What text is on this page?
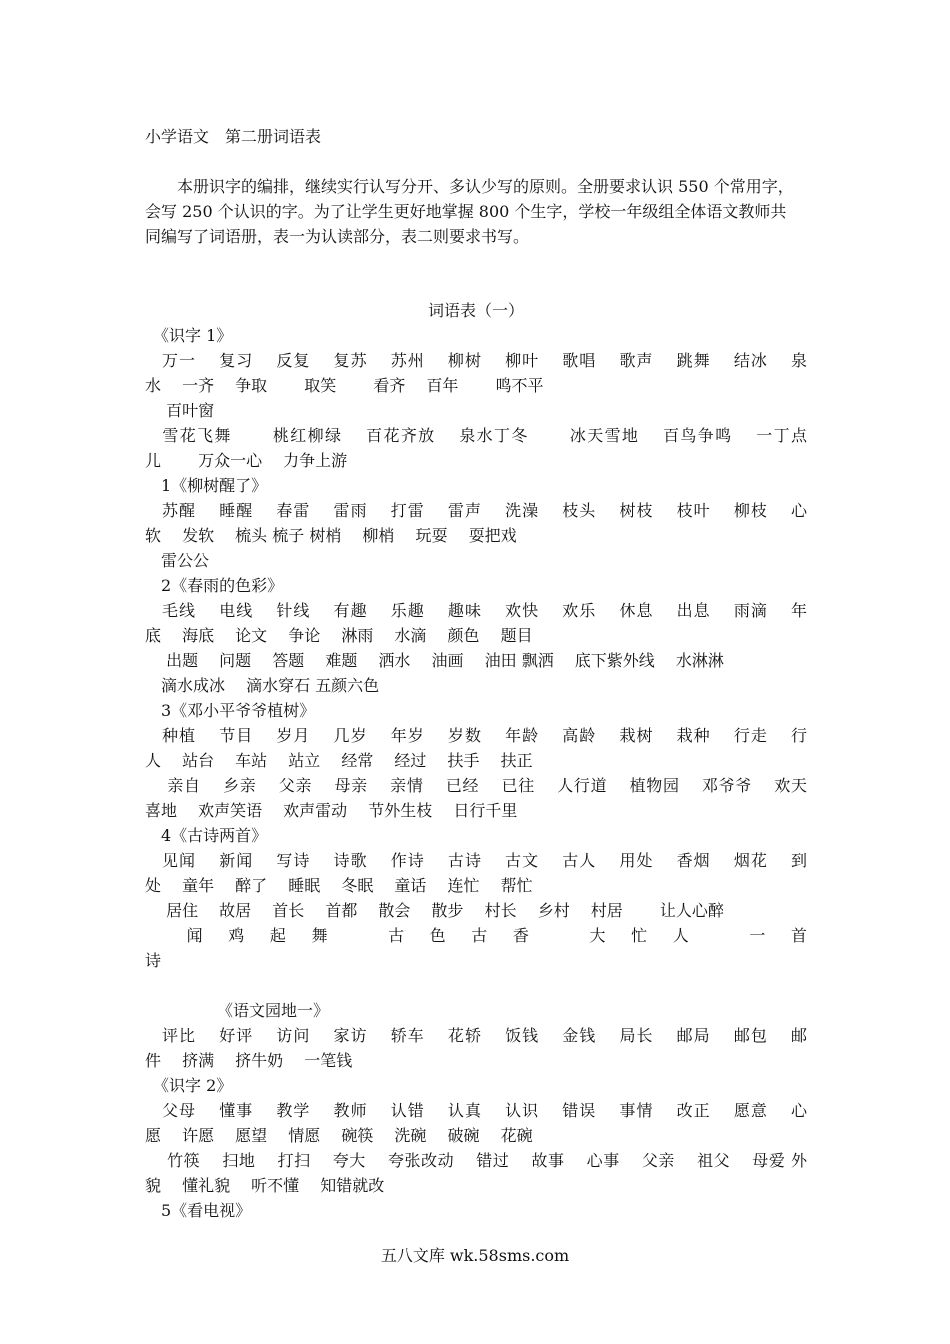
小学语文　第二册词语表
　　本册识字的编排，继续实行认写分开、多认少写的原则。全册要求认识 550 个常用字，
会写 250 个认识的字。为了让学生更好地掌握 800 个生字，学校一年级组全体语文教师共
同编写了词语册，表一为认读部分，表二则要求书写。
词语表（一）
　《识字 1》
　万一　 复习　 反复　 复苏　 苏州　 柳树　 柳叶　 歌唱　 歌声　 跳舞　 结冰　 泉
水　 一齐　 争取　　 取笑　　 看齐　 百年　　 鸣不平
　 百叶窗
　雪花飞舞　　 桃红柳绿　 百花齐放　 泉水丁冬　　 冰天雪地　 百鸟争鸣　 一丁点
儿　　 万众一心　 力争上游
　1《柳树醒了》
　苏醒　 睡醒　 春雷　 雷雨　 打雷　 雷声　 洗澡　 枝头　 树枝　 枝叶　 柳枝　 心
软　 发软　 梳头 梳子 树梢　 柳梢　 玩耍　 耍把戏
　雷公公
　2《春雨的色彩》
　毛线　 电线　 针线　 有趣　 乐趣　 趣味　 欢快　 欢乐　 休息　 出息　 雨滴　 年
底　 海底　 论文　 争论　 淋雨　 水滴　 颜色　 题目
　 出题　 问题　 答题　 难题　 洒水　 油画　 油田 飘洒　 底下紫外线　 水淋淋
　滴水成冰　 滴水穿石 五颜六色
　3《邓小平爷爷植树》
　种植　 节目　 岁月　 几岁　 年岁　 岁数　 年龄　 高龄　 栽树　 栽种　 行走　 行
人　 站台　 车站　 站立　 经常　 经过　 扶手　 扶正
　 亲自　 乡亲　 父亲　 母亲　 亲情　 已经　 已往　 人行道　 植物园　 邓爷爷　 欢天
喜地　 欢声笑语　 欢声雷动　 节外生枝　 日行千里
　4《古诗两首》
　见闻　 新闻　 写诗　 诗歌　 作诗　 古诗　 古文　 古人　 用处　 香烟　 烟花　 到
处　 童年　 醉了　 睡眠　 冬眠　 童话　 连忙　 帮忙
　 居住　 故居　 首长　 首都　 散会　 散步　 村长　 乡村　 村居　　 让人心醉
　　 闻　 鸡　 起　 舞　　　 古　 色　 古　 香　　　 大　 忙　 人　　　 一　 首
诗
　　　　　《语文园地一》
　评比　 好评　 访问　 家访　 轿车　 花轿　 饭钱　 金钱　 局长　 邮局　 邮包　 邮
件　 挤满　 挤牛奶　 一笔钱
　《识字 2》
　父母　 懂事　 教学　 教师　 认错　 认真　 认识　 错误　 事情　 改正　 愿意　 心
愿　 许愿　 愿望　 情愿　 碗筷　 洗碗　 破碗　 花碗
　 竹筷　 扫地　 打扫　 夸大　 夸张改动　 错过　 故事　 心事　 父亲　 祖父　 母爱 外
貌　 懂礼貌　 听不懂　 知错就改
　5《看电视》
五八文库 wk.58sms.com
